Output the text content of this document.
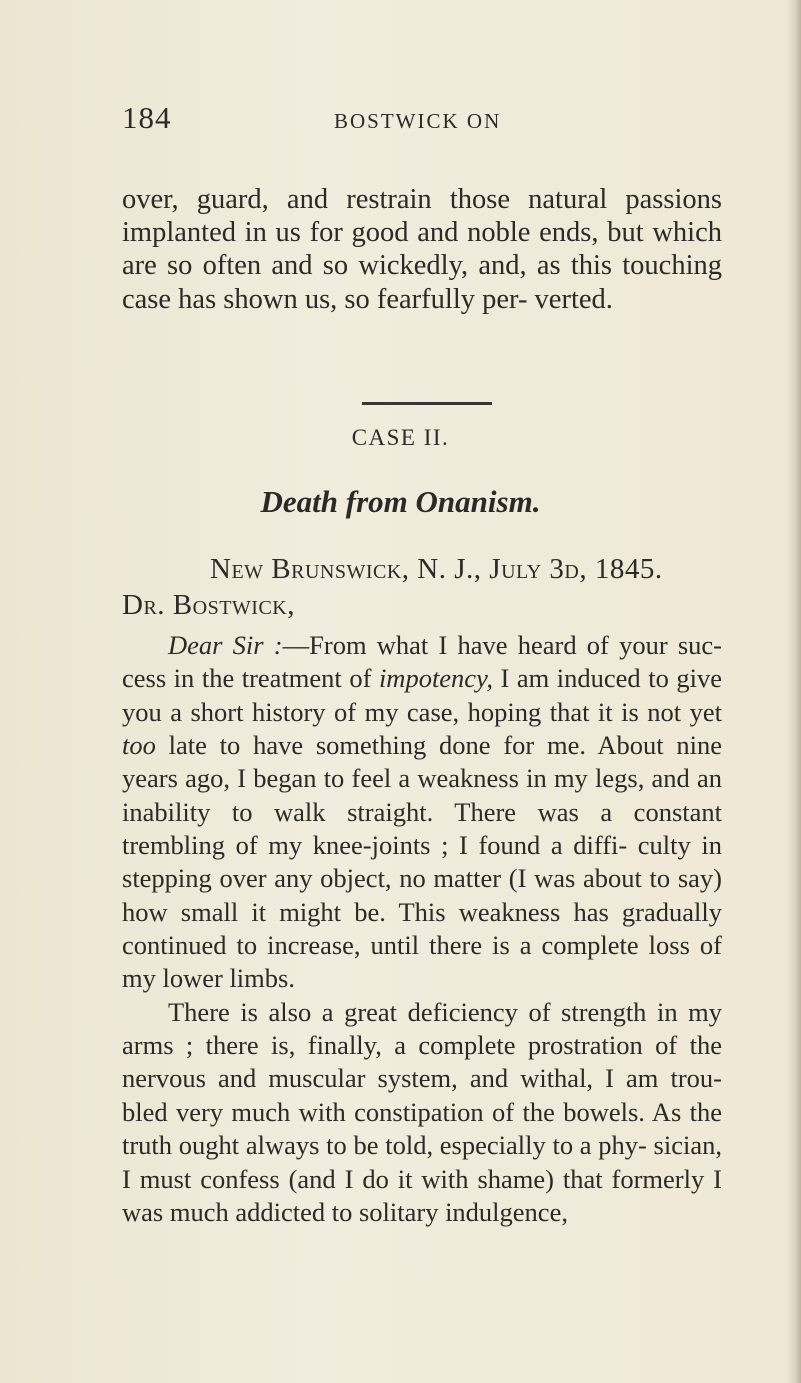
184	BOSTWICK ON

over, guard, and restrain those natural passions implanted in us for good and noble ends, but which are so often and so wickedly, and, as this touching case has shown us, so fearfully per- verted.

CASE II.
Death from Onanism.
New Brunswick, N. J., July 3d, 1845.
Dr. Bostwick,

Dear Sir :—From what I have heard of your suc- cess in the treatment of impotency, I am induced to give you a short history of my case, hoping that it is not yet too late to have something done for me. About nine years ago, I began to feel a weakness in my legs, and an inability to walk straight. There was a constant trembling of my knee-joints ; I found a diffi- culty in stepping over any object, no matter (I was about to say) how small it might be. This weakness has gradually continued to increase, until there is a complete loss of my lower limbs.

There is also a great deficiency of strength in my arms ; there is, finally, a complete prostration of the nervous and muscular system, and withal, I am trou- bled very much with constipation of the bowels. As the truth ought always to be told, especially to a phy- sician, I must confess (and I do it with shame) that formerly I was much addicted to solitary indulgence,
